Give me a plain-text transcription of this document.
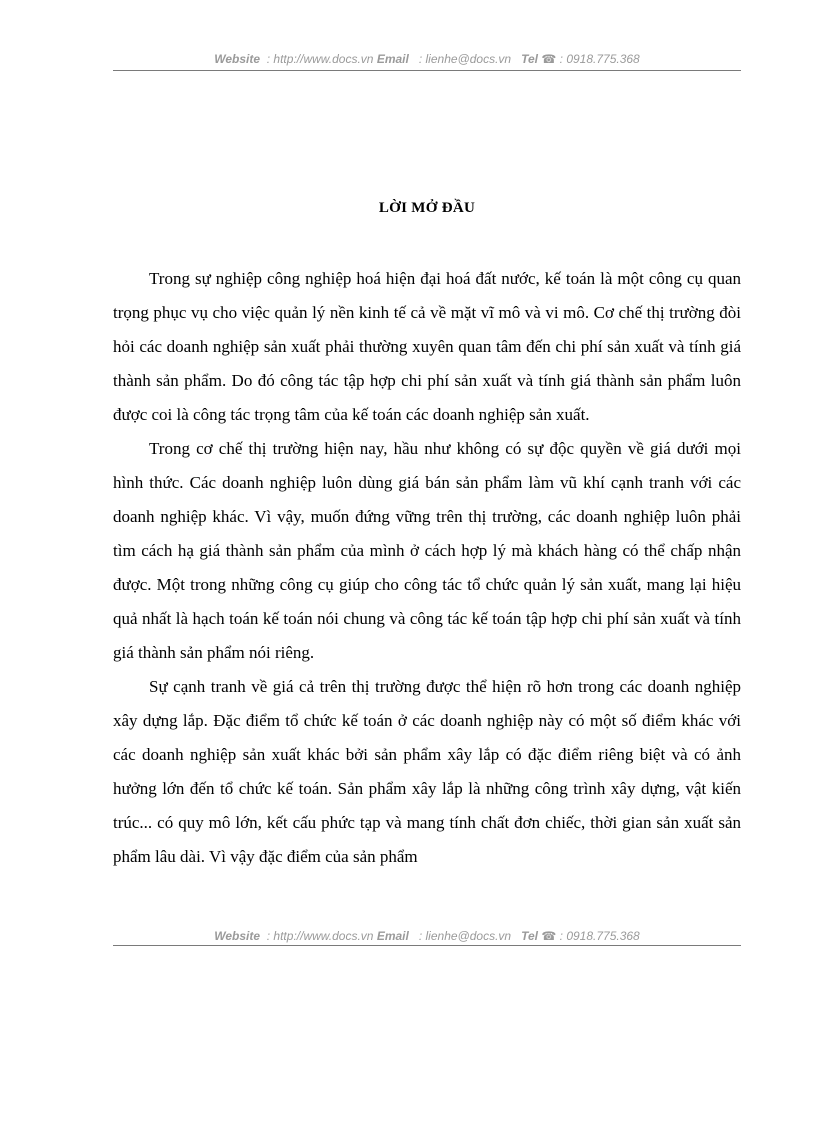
Website  : http://www.docs.vn Email   : lienhe@docs.vn Tel ☎ : 0918.775.368
LỜI MỞ ĐẦU

Trong sự nghiệp công nghiệp hoá hiện đại hoá đất nước, kế toán là một công cụ quan trọng phục vụ cho việc quản lý nền kinh tế cả về mặt vĩ mô và vi mô. Cơ chế thị trường đòi hỏi các doanh nghiệp sản xuất phải thường xuyên quan tâm đến chi phí sản xuất và tính giá thành sản phẩm. Do đó công tác tập hợp chi phí sản xuất và tính giá thành sản phẩm luôn được coi là công tác trọng tâm của kế toán các doanh nghiệp sản xuất.

Trong cơ chế thị trường hiện nay, hầu như không có sự độc quyền về giá dưới mọi hình thức. Các doanh nghiệp luôn dùng giá bán sản phẩm làm vũ khí cạnh tranh với các doanh nghiệp khác. Vì vậy, muốn đứng vững trên thị trường, các doanh nghiệp luôn phải tìm cách hạ giá thành sản phẩm của mình ở cách hợp lý mà khách hàng có thể chấp nhận được. Một trong những công cụ giúp cho công tác tổ chức quản lý sản xuất, mang lại hiệu quả nhất là hạch toán kế toán nói chung và công tác kế toán tập hợp chi phí sản xuất và tính giá thành sản phẩm nói riêng.

Sự cạnh tranh về giá cả trên thị trường được thể hiện rõ hơn trong các doanh nghiệp xây dựng lắp. Đặc điểm tổ chức kế toán ở các doanh nghiệp này có một số điểm khác với các doanh nghiệp sản xuất khác bởi sản phẩm xây lắp có đặc điểm riêng biệt và có ảnh hưởng lớn đến tổ chức kế toán. Sản phẩm xây lắp là những công trình xây dựng, vật kiến trúc... có quy mô lớn, kết cấu phức tạp và mang tính chất đơn chiếc, thời gian sản xuất sản phẩm lâu dài. Vì vậy đặc điểm của sản phẩm

Website  : http://www.docs.vn Email   : lienhe@docs.vn Tel ☎ : 0918.775.368
